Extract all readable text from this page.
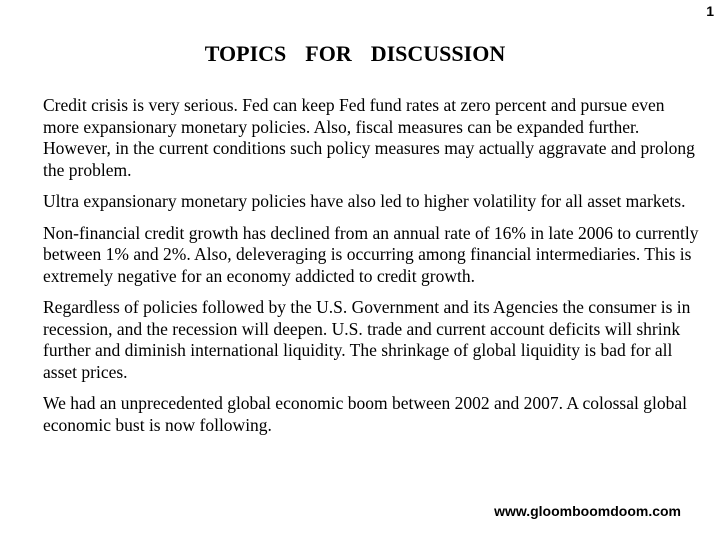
1
TOPICS  FOR  DISCUSSION

Credit crisis is very serious. Fed can keep Fed fund rates at zero percent and pursue even more expansionary monetary policies. Also, fiscal measures can be expanded further. However, in the current conditions such policy measures may actually aggravate and prolong the problem.

Ultra expansionary monetary policies have also led to higher volatility for all asset markets.

Non-financial credit growth has declined from an annual rate of 16% in late 2006 to currently between 1% and 2%. Also, deleveraging is occurring among financial intermediaries. This is extremely negative for an economy addicted to credit growth.

Regardless of policies followed by the U.S. Government and its Agencies the consumer is in recession, and the recession will deepen. U.S. trade and current account deficits will shrink further and diminish international liquidity. The shrinkage of global liquidity is bad for all asset prices.

We had an unprecedented global economic boom between 2002 and 2007. A colossal global economic bust is now following.

www.gloomboomdoom.com
